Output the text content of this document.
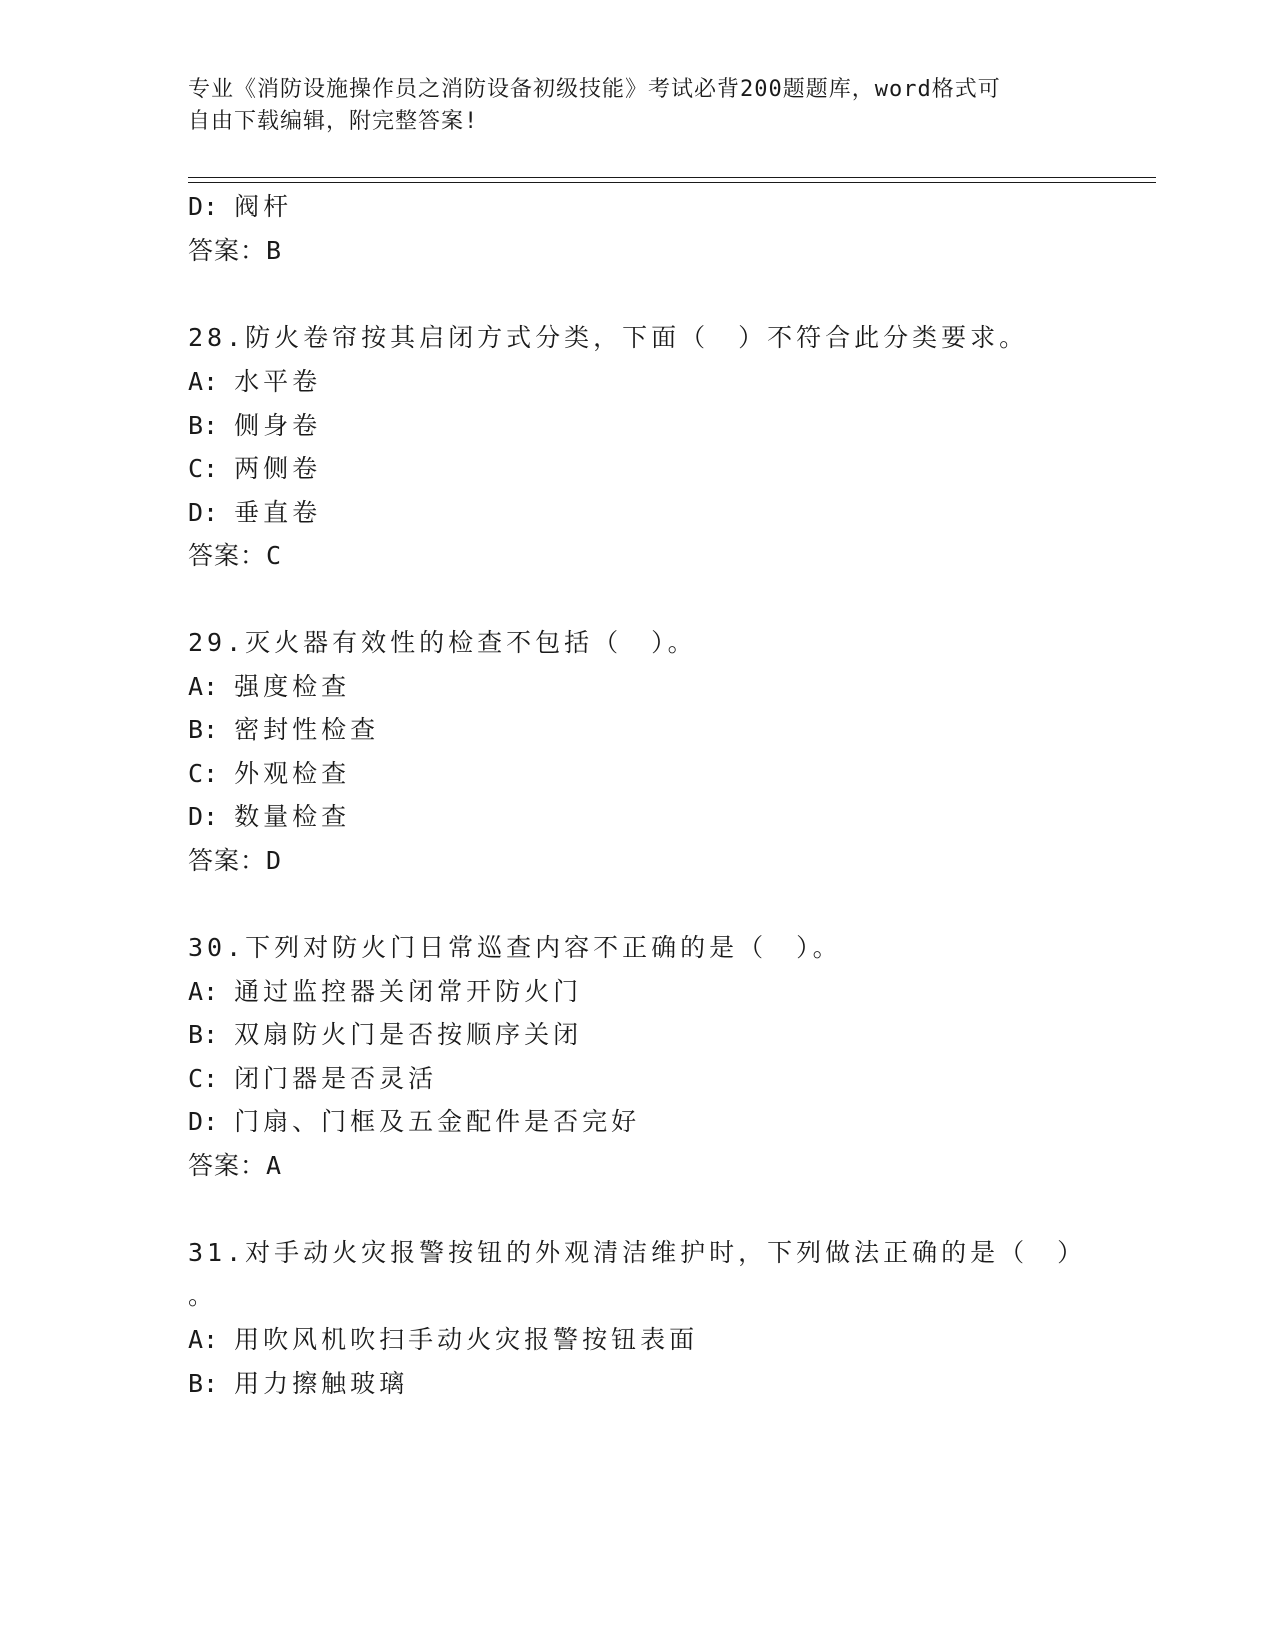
专业《消防设施操作员之消防设备初级技能》考试必背200题题库，word格式可
自由下载编辑，附完整答案!
D: 阀杆
答案：B
28.防火卷帘按其启闭方式分类，下面（　）不符合此分类要求。
A: 水平卷
B: 侧身卷
C: 两侧卷
D: 垂直卷
答案：C
29.灭火器有效性的检查不包括（　）。
A: 强度检查
B: 密封性检查
C: 外观检查
D: 数量检查
答案：D
30.下列对防火门日常巡查内容不正确的是（　）。
A: 通过监控器关闭常开防火门
B: 双扇防火门是否按顺序关闭
C: 闭门器是否灵活
D: 门扇、门框及五金配件是否完好
答案：A
31.对手动火灾报警按钮的外观清洁维护时，下列做法正确的是（　）
。
A: 用吹风机吹扫手动火灾报警按钮表面
B: 用力擦触玻璃
